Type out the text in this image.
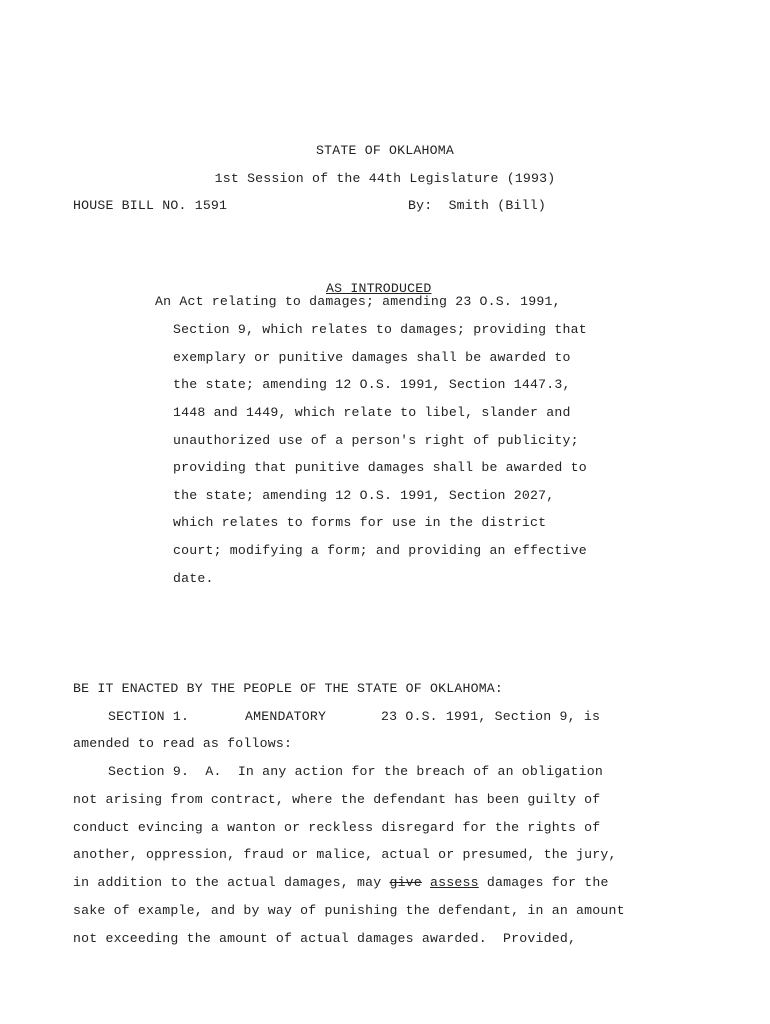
STATE OF OKLAHOMA
1st Session of the 44th Legislature (1993)
HOUSE BILL NO. 1591	By:  Smith (Bill)
AS INTRODUCED
An Act relating to damages; amending 23 O.S. 1991,
Section 9, which relates to damages; providing that
exemplary or punitive damages shall be awarded to
the state; amending 12 O.S. 1991, Section 1447.3,
1448 and 1449, which relate to libel, slander and
unauthorized use of a person's right of publicity;
providing that punitive damages shall be awarded to
the state; amending 12 O.S. 1991, Section 2027,
which relates to forms for use in the district
court; modifying a form; and providing an effective
date.
BE IT ENACTED BY THE PEOPLE OF THE STATE OF OKLAHOMA:
SECTION 1.	AMENDATORY	23 O.S. 1991, Section 9, is
amended to read as follows:
Section 9.  A.  In any action for the breach of an obligation
not arising from contract, where the defendant has been guilty of
conduct evincing a wanton or reckless disregard for the rights of
another, oppression, fraud or malice, actual or presumed, the jury,
in addition to the actual damages, may give assess damages for the
sake of example, and by way of punishing the defendant, in an amount
not exceeding the amount of actual damages awarded.  Provided,
